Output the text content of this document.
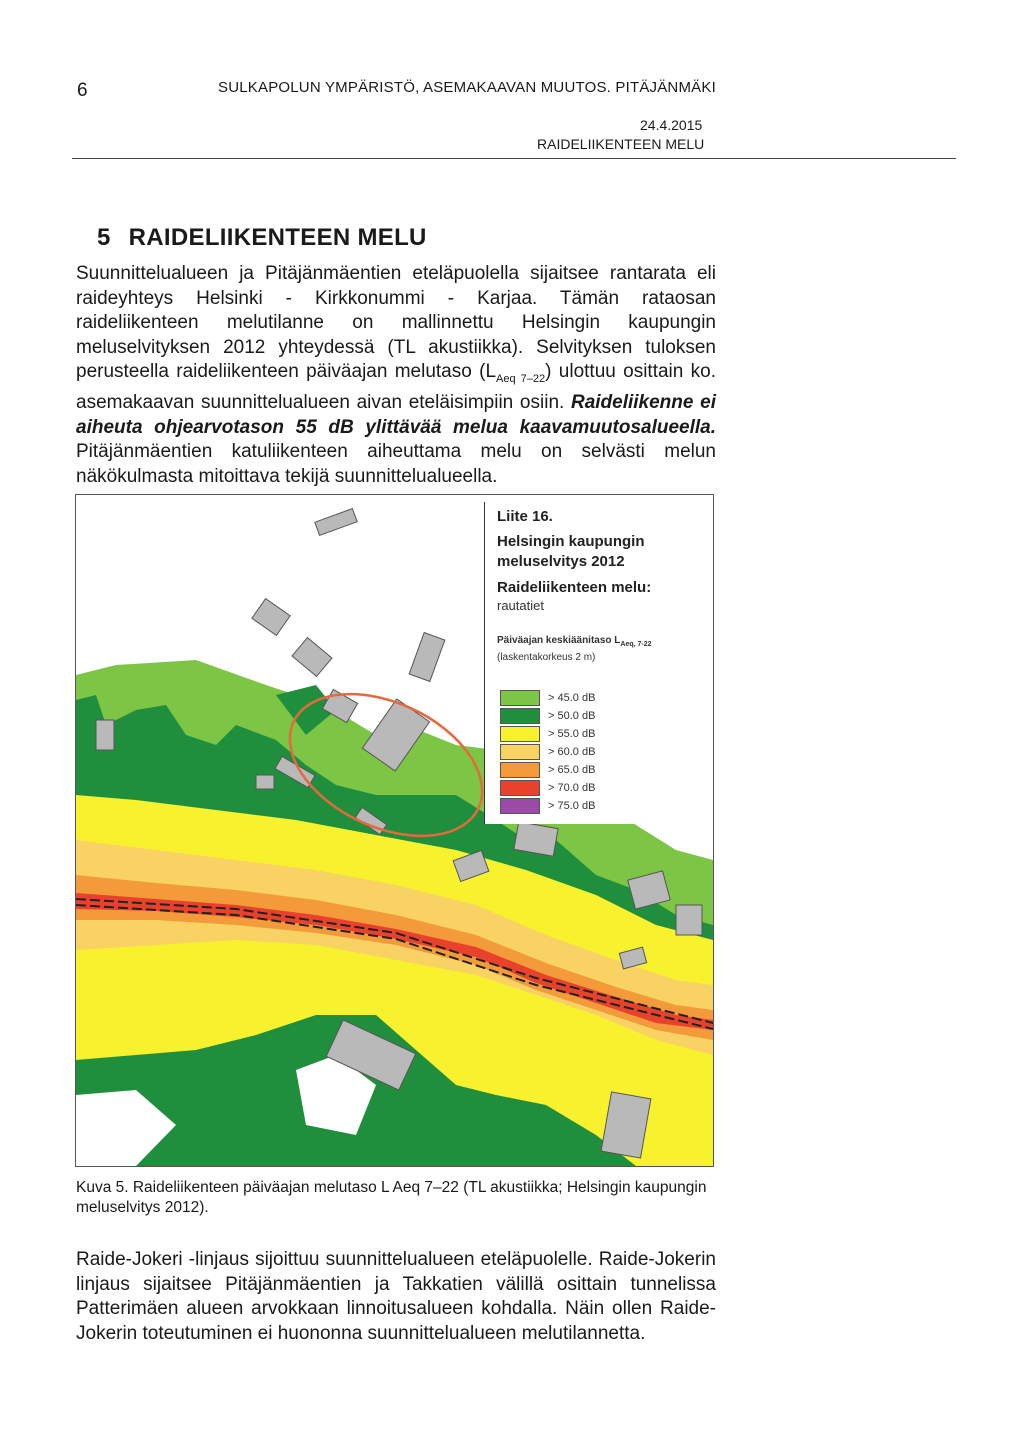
6	SULKAPOLUN YMPÄRISTÖ, ASEMAKAAVAN MUUTOS. PITÄJÄNMÄKI
24.4.2015
RAIDELIIKENTEEN MELU
5 RAIDELIIKENTEEN MELU

Suunnittelualueen ja Pitäjänmäentien eteläpuolella sijaitsee rantarata eli raideyhteys Helsinki - Kirkkonummi - Karjaa. Tämän rataosan raideliikenteen melutilanne on mallinnettu Helsingin kaupungin meluselvityksen 2012 yhteydessä (TL akustiikka). Selvityksen tuloksen perusteella raideliikenteen päiväajan melutaso $(L_{Aeq 7-22})$ ulottuu osittain ko. asemakaavan suunnittelualueen aivan eteläisimpiin osiin. Raideliikenne ei aiheuta ohjearvotason 55 dB ylittävää melua kaavamuutosalueella. Pitäjänmäentien katuliikenteen aiheuttama melu on selvästi melun näkökulmasta mitoittava tekijä suunnittelualueella.

Liite 16.
Helsingin kaupungin meluselvitys 2012
Raideliikenteen melu:
rautatiet
Päiväajan keskiäänitaso $L_{Aeq, 7-22}$
(laskentakorkeus 2 m)
> 45.0 dB
> 50.0 dB
> 55.0 dB
> 60.0 dB
> 65.0 dB
> 70.0 dB
> 75.0 dB

Kuva 5. Raideliikenteen päiväajan melutaso L Aeq 7–22 (TL akustiikka; Helsingin kaupungin meluselvitys 2012).

Raide-Jokeri -linjaus sijoittuu suunnittelualueen eteläpuolelle. Raide-Jokerin linjaus sijaitsee Pitäjänmäentien ja Takkatien välillä osittain tunnelissa Patterimäen alueen arvokkaan linnoitusalueen kohdalla. Näin ollen Raide-Jokerin toteutuminen ei huononna suunnittelualueen melutilannetta.
